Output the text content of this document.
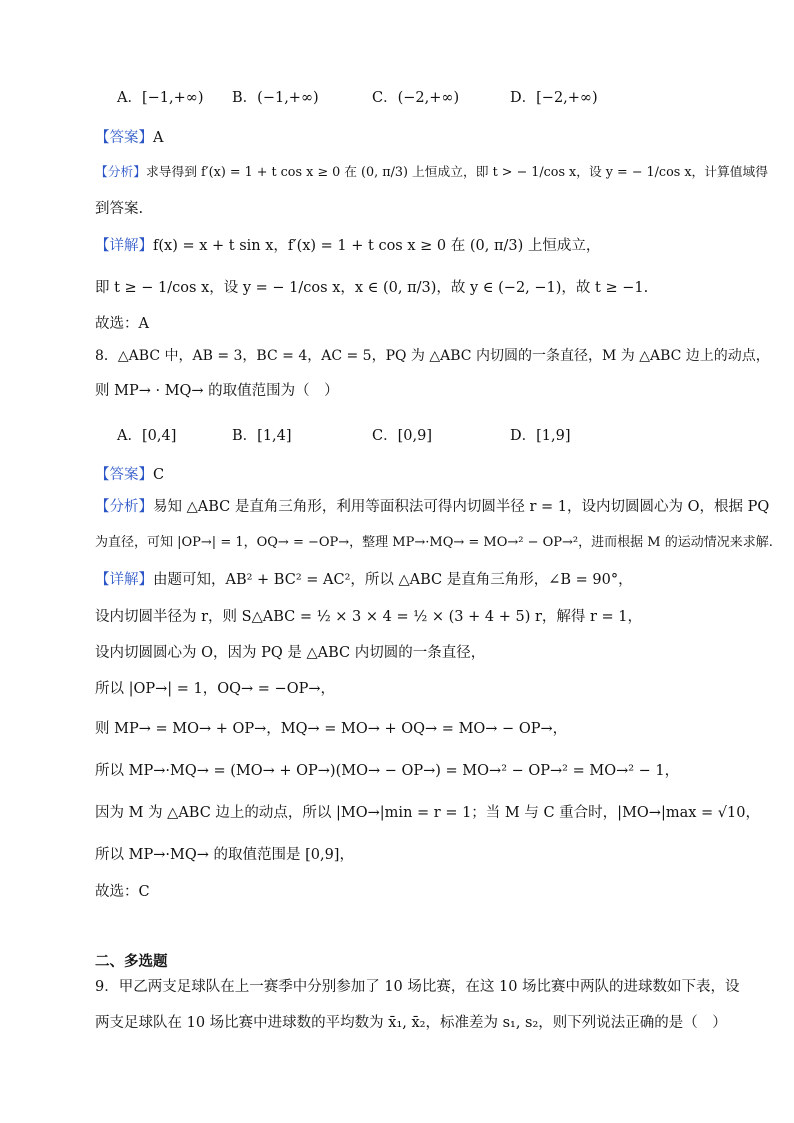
A．[−1,+∞) B．(−1,+∞)	C．(−2,+∞)	D．[−2,+∞)
【答案】A
【分析】求导得到 f′(x) = 1 + t cos x ≥ 0 在 (0, π/3) 上恒成立，即 t > − 1/cos x，设 y = − 1/cos x，计算值域得
到答案.
【详解】f(x) = x + t sin x，f′(x) = 1 + t cos x ≥ 0 在 (0, π/3) 上恒成立，
即 t ≥ − 1/cos x，设 y = − 1/cos x，x ∈ (0, π/3)，故 y ∈ (−2, −1)，故 t ≥ −1.
故选：A
8．△ABC 中，AB = 3，BC = 4，AC = 5，PQ 为 △ABC 内切圆的一条直径，M 为 △ABC 边上的动点，
则 MP→ · MQ→ 的取值范围为（　）
A．[0,4]	B．[1,4]	C．[0,9]	D．[1,9]
【答案】C
【分析】易知 △ABC 是直角三角形，利用等面积法可得内切圆半径 r = 1，设内切圆圆心为 O，根据 PQ
为直径，可知 |OP→| = 1，OQ→ = −OP→，整理 MP→·MQ→ = MO→² − OP→²，进而根据 M 的运动情况来求解.
【详解】由题可知，AB² + BC² = AC²，所以 △ABC 是直角三角形，∠B = 90°，
设内切圆半径为 r，则 S△ABC = ½ × 3 × 4 = ½ × (3 + 4 + 5) r，解得 r = 1，
设内切圆圆心为 O，因为 PQ 是 △ABC 内切圆的一条直径，
所以 |OP→| = 1，OQ→ = −OP→，
则 MP→ = MO→ + OP→，MQ→ = MO→ + OQ→ = MO→ − OP→，
所以 MP→·MQ→ = (MO→ + OP→)(MO→ − OP→) = MO→² − OP→² = MO→² − 1，
因为 M 为 △ABC 边上的动点，所以 |MO→|min = r = 1；当 M 与 C 重合时，|MO→|max = √10，
所以 MP→·MQ→ 的取值范围是 [0,9]，
故选：C
二、多选题
9．甲乙两支足球队在上一赛季中分别参加了 10 场比赛，在这 10 场比赛中两队的进球数如下表，设
两支足球队在 10 场比赛中进球数的平均数为 x̄₁, x̄₂，标准差为 s₁, s₂，则下列说法正确的是（　）
